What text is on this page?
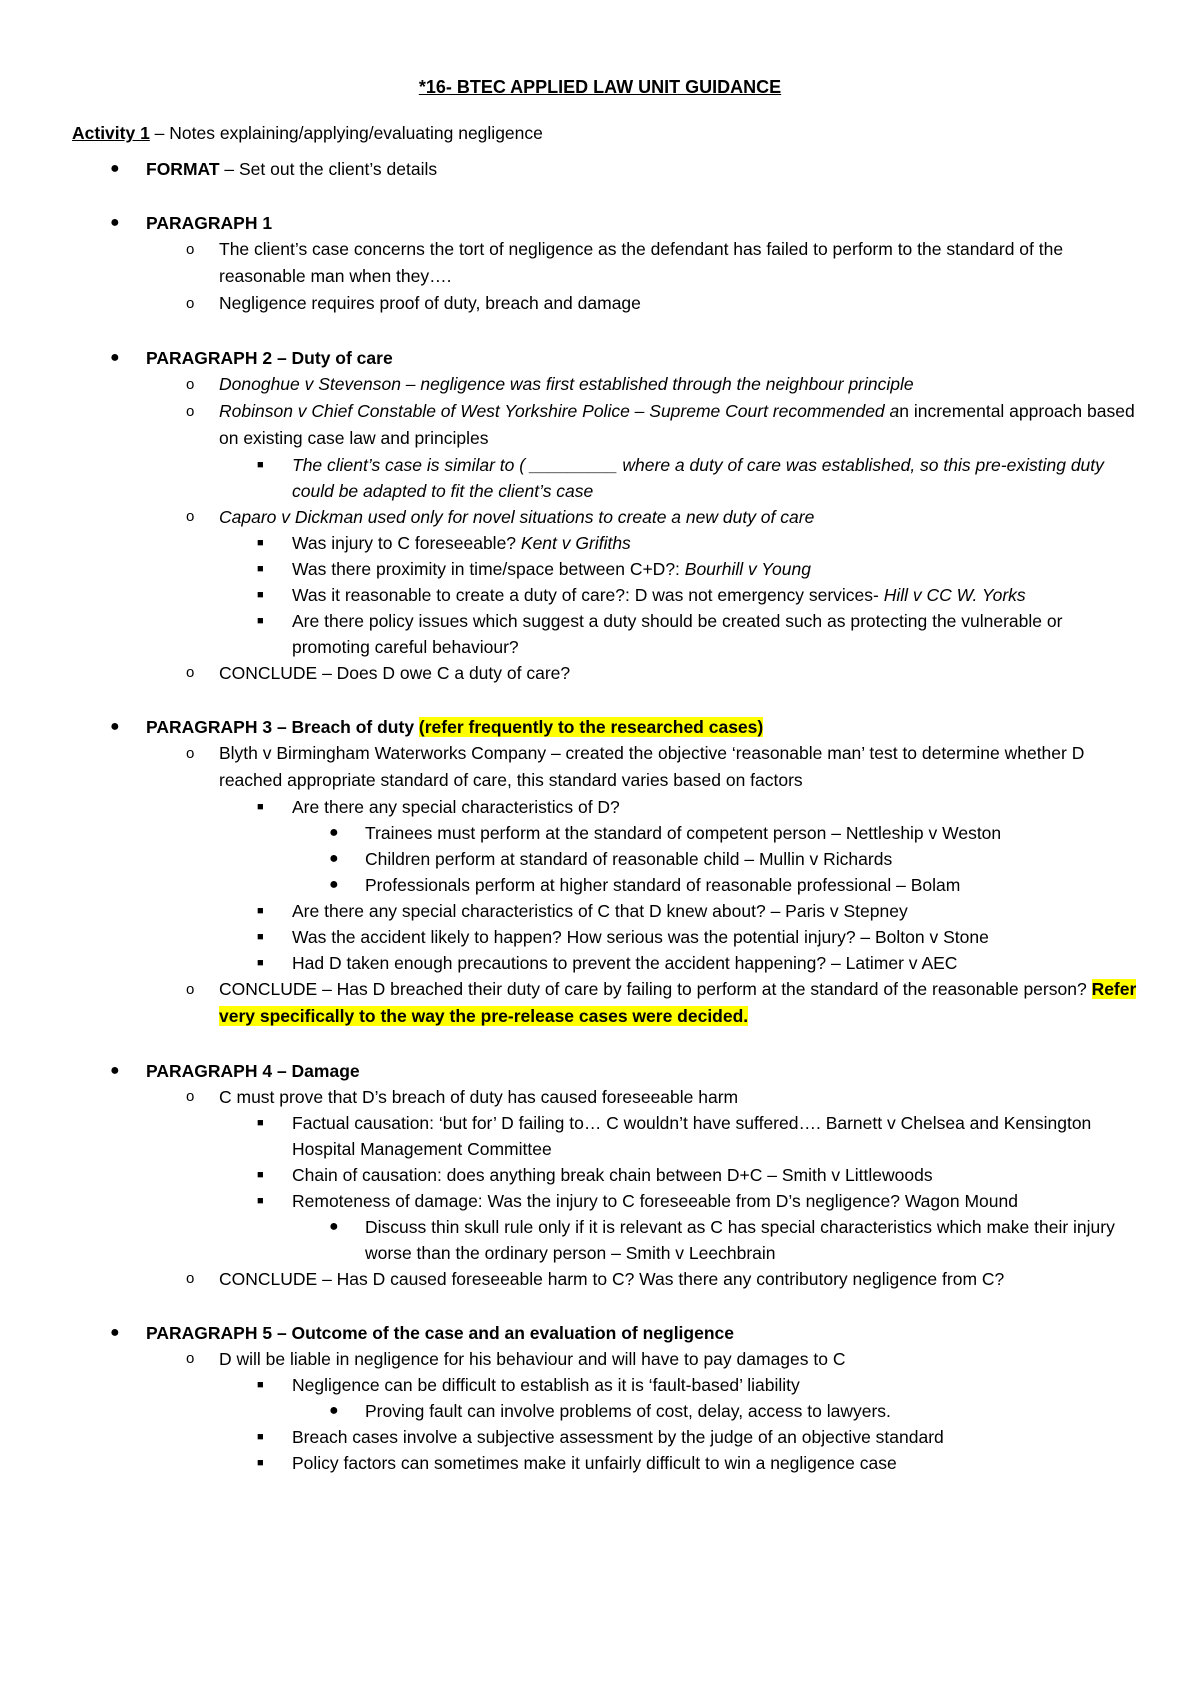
*16- BTEC APPLIED LAW UNIT GUIDANCE
Activity 1 – Notes explaining/applying/evaluating negligence
● FORMAT – Set out the client’s details
● PARAGRAPH 1
o The client’s case concerns the tort of negligence as the defendant has failed to perform to the standard of the reasonable man when they….
o Negligence requires proof of duty, breach and damage
● PARAGRAPH 2 – Duty of care
o Donoghue v Stevenson – negligence was first established through the neighbour principle
o Robinson v Chief Constable of West Yorkshire Police – Supreme Court recommended an incremental approach based on existing case law and principles
■ The client’s case is similar to ( _________ where a duty of care was established, so this pre-existing duty could be adapted to fit the client’s case
o Caparo v Dickman used only for novel situations to create a new duty of care
■ Was injury to C foreseeable? Kent v Grifiths
■ Was there proximity in time/space between C+D?: Bourhill v Young
■ Was it reasonable to create a duty of care?: D was not emergency services- Hill v CC W. Yorks
■ Are there policy issues which suggest a duty should be created such as protecting the vulnerable or promoting careful behaviour?
o CONCLUDE – Does D owe C a duty of care?
● PARAGRAPH 3 – Breach of duty (refer frequently to the researched cases)
o Blyth v Birmingham Waterworks Company – created the objective ‘reasonable man’ test to determine whether D reached appropriate standard of care, this standard varies based on factors
■ Are there any special characteristics of D?
● Trainees must perform at the standard of competent person – Nettleship v Weston
● Children perform at standard of reasonable child – Mullin v Richards
● Professionals perform at higher standard of reasonable professional – Bolam
■ Are there any special characteristics of C that D knew about? – Paris v Stepney
■ Was the accident likely to happen? How serious was the potential injury? – Bolton v Stone
■ Had D taken enough precautions to prevent the accident happening? – Latimer v AEC
o CONCLUDE – Has D breached their duty of care by failing to perform at the standard of the reasonable person? Refer very specifically to the way the pre-release cases were decided.
● PARAGRAPH 4 – Damage
o C must prove that D’s breach of duty has caused foreseeable harm
■ Factual causation: ‘but for’ D failing to… C wouldn’t have suffered…. Barnett v Chelsea and Kensington Hospital Management Committee
■ Chain of causation: does anything break chain between D+C – Smith v Littlewoods
■ Remoteness of damage: Was the injury to C foreseeable from D’s negligence? Wagon Mound
● Discuss thin skull rule only if it is relevant as C has special characteristics which make their injury worse than the ordinary person – Smith v Leechbrain
o CONCLUDE – Has D caused foreseeable harm to C? Was there any contributory negligence from C?
● PARAGRAPH 5 – Outcome of the case and an evaluation of negligence
o D will be liable in negligence for his behaviour and will have to pay damages to C
■ Negligence can be difficult to establish as it is ‘fault-based’ liability
● Proving fault can involve problems of cost, delay, access to lawyers.
■ Breach cases involve a subjective assessment by the judge of an objective standard
■ Policy factors can sometimes make it unfairly difficult to win a negligence case
